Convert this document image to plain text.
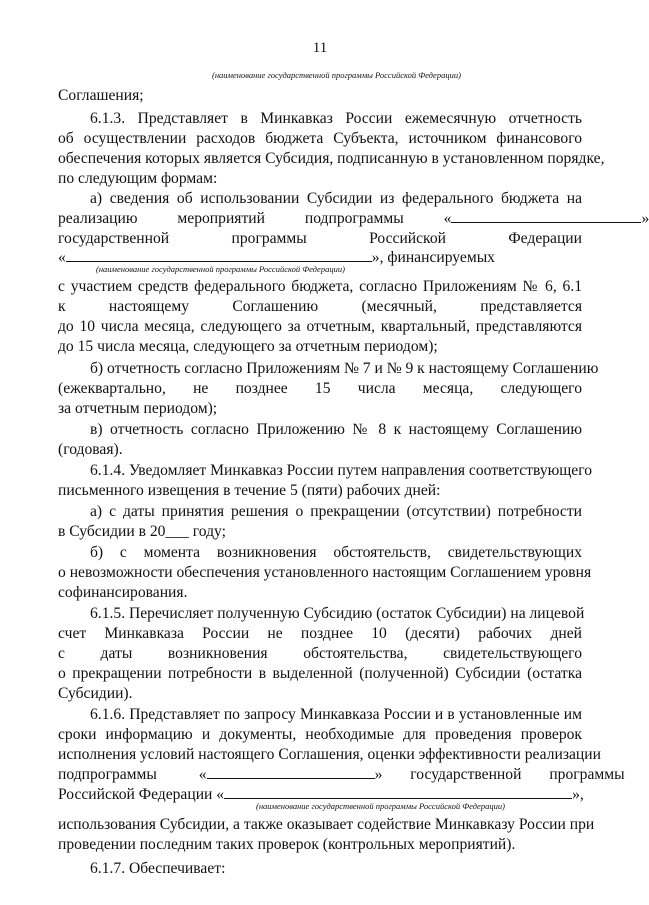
11
(наименование государственной программы Российской Федерации)
Соглашения;
6.1.3. Представляет в Минкавказ России ежемесячную отчетность
об осуществлении расходов бюджета Субъекта, источником финансового
обеспечения которых является Субсидия, подписанную в установленном порядке,
по следующим формам:
а) сведения об использовании Субсидии из федерального бюджета на
реализацию мероприятий подпрограммы «	»
государственной программы Российской Федерации
«	», финансируемых
(наименование государственной программы Российской Федерации)
с участием средств федерального бюджета, согласно Приложениям № 6, 6.1
к настоящему Соглашению (месячный, представляется
до 10 числа месяца, следующего за отчетным, квартальный, представляются
до 15 числа месяца, следующего за отчетным периодом);
б) отчетность согласно Приложениям № 7 и № 9 к настоящему Соглашению
(ежеквартально, не позднее 15 числа месяца, следующего
за отчетным периодом);
в) отчетность согласно Приложению № 8 к настоящему Соглашению
(годовая).
6.1.4. Уведомляет Минкавказ России путем направления соответствующего
письменного извещения в течение 5 (пяти) рабочих дней:
а) с даты принятия решения о прекращении (отсутствии) потребности
в Субсидии в 20___ году;
б) с момента возникновения обстоятельств, свидетельствующих
о невозможности обеспечения установленного настоящим Соглашением уровня
софинансирования.
6.1.5. Перечисляет полученную Субсидию (остаток Субсидии) на лицевой
счет Минкавказа России не позднее 10 (десяти) рабочих дней
с даты возникновения обстоятельства, свидетельствующего
о прекращении потребности в выделенной (полученной) Субсидии (остатка
Субсидии).
6.1.6. Представляет по запросу Минкавказа России и в установленные им
сроки информацию и документы, необходимые для проведения проверок
исполнения условий настоящего Соглашения, оценки эффективности реализации
подпрограммы «	» государственной программы
Российской Федерации «	»,
(наименование государственной программы Российской Федерации)
использования Субсидии, а также оказывает содействие Минкавказу России при
проведении последним таких проверок (контрольных мероприятий).
6.1.7. Обеспечивает:
